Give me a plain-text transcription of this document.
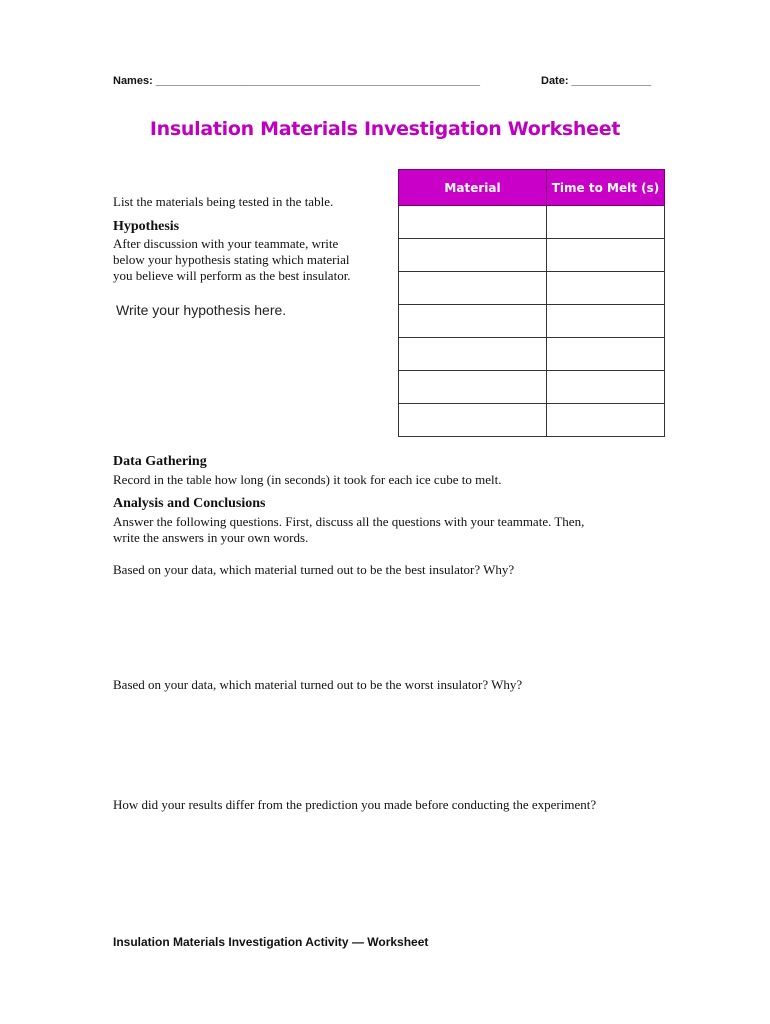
Names: _____________________________________________________	Date: _____________
Insulation Materials Investigation Worksheet
Material	Time to Melt (s)

List the materials being tested in the table.
Hypothesis
After discussion with your teammate, write
below your hypothesis stating which material
you believe will perform as the best insulator.
Write your hypothesis here.
Data Gathering
Record in the table how long (in seconds) it took for each ice cube to melt.
Analysis and Conclusions
Answer the following questions. First, discuss all the questions with your teammate. Then,
write the answers in your own words.
Based on your data, which material turned out to be the best insulator? Why?
Based on your data, which material turned out to be the worst insulator? Why?
How did your results differ from the prediction you made before conducting the experiment?
Insulation Materials Investigation Activity — Worksheet
